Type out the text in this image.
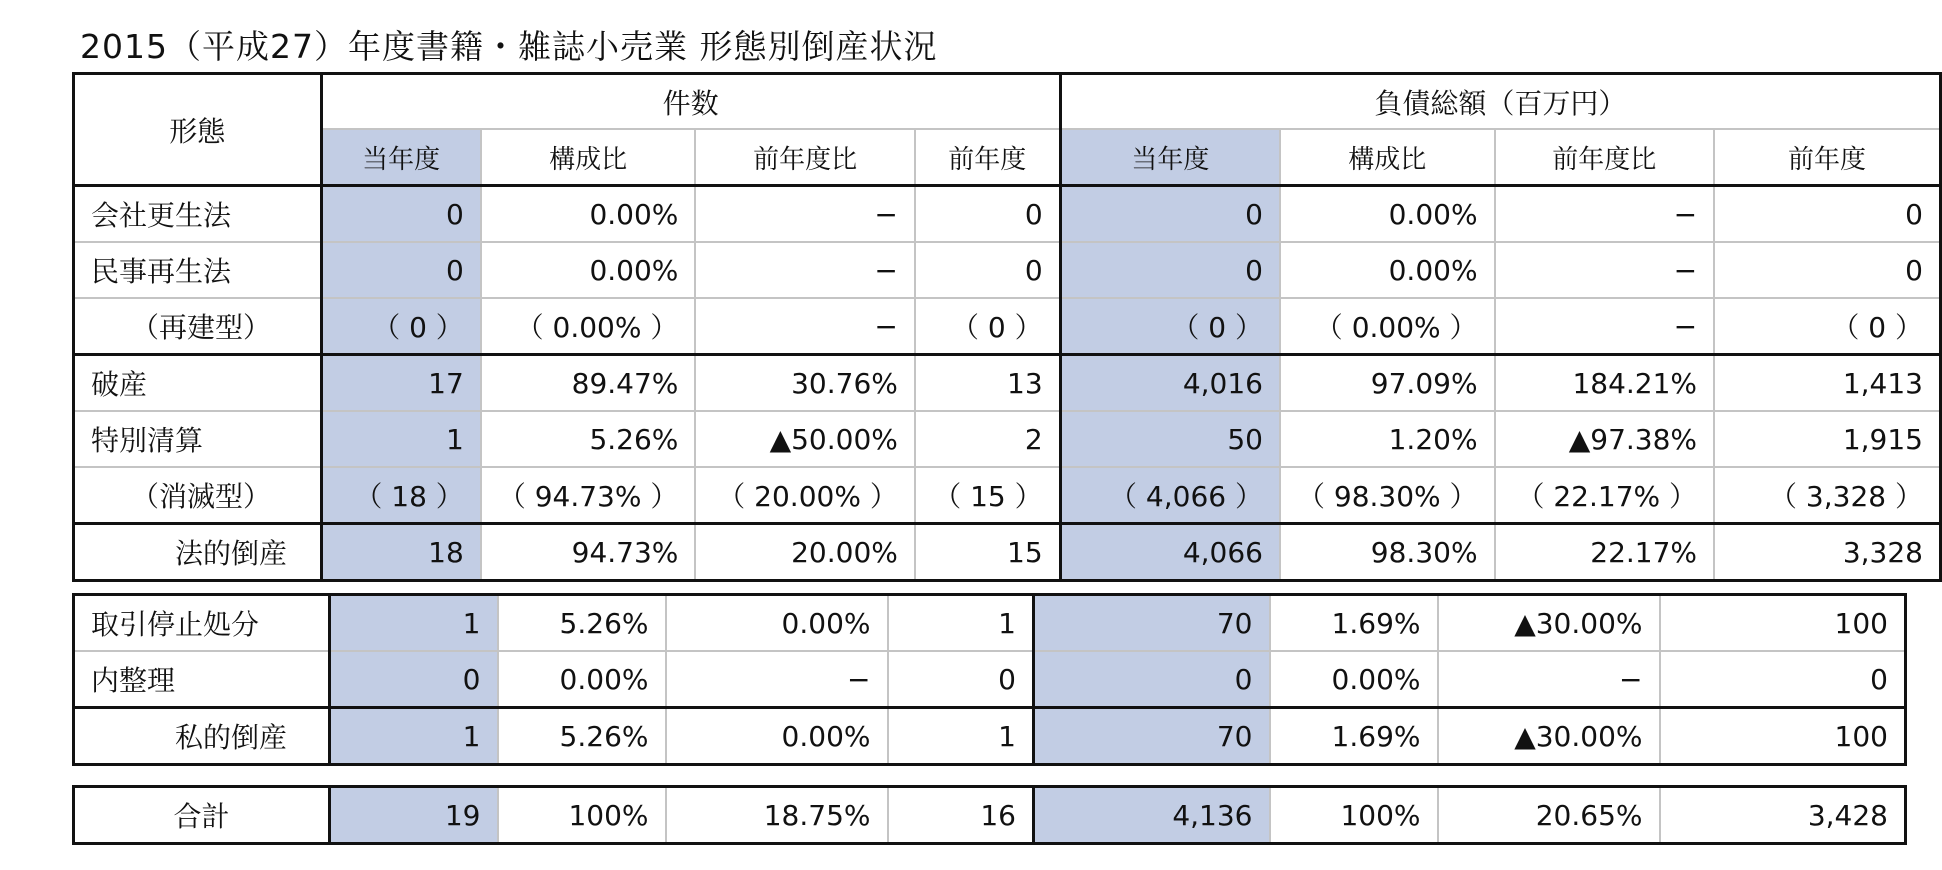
2015（平成27）年度書籍・雑誌小売業 形態別倒産状況
形態	件数				負債総額（百万円）			
	当年度	構成比	前年度比	前年度	当年度	構成比	前年度比	前年度
会社更生法	0	0.00%	−	0	0	0.00%	−	0
民事再生法	0	0.00%	−	0	0	0.00%	−	0
（再建型）	（ 0 ）	（ 0.00% ）	−	（ 0 ）	（ 0 ）	（ 0.00% ）	−	（ 0 ）
破産	17	89.47%	30.76%	13	4,016	97.09%	184.21%	1,413
特別清算	1	5.26%	▲50.00%	2	50	1.20%	▲97.38%	1,915
（消滅型）	（ 18 ）	（ 94.73% ）	（ 20.00% ）	（ 15 ）	（ 4,066 ）	（ 98.30% ）	（ 22.17% ）	（ 3,328 ）
法的倒産	18	94.73%	20.00%	15	4,066	98.30%	22.17%	3,328
取引停止処分	1	5.26%	0.00%	1	70	1.69%	▲30.00%	100
内整理	0	0.00%	−	0	0	0.00%	−	0
私的倒産	1	5.26%	0.00%	1	70	1.69%	▲30.00%	100
合計	19	100%	18.75%	16	4,136	100%	20.65%	3,428
